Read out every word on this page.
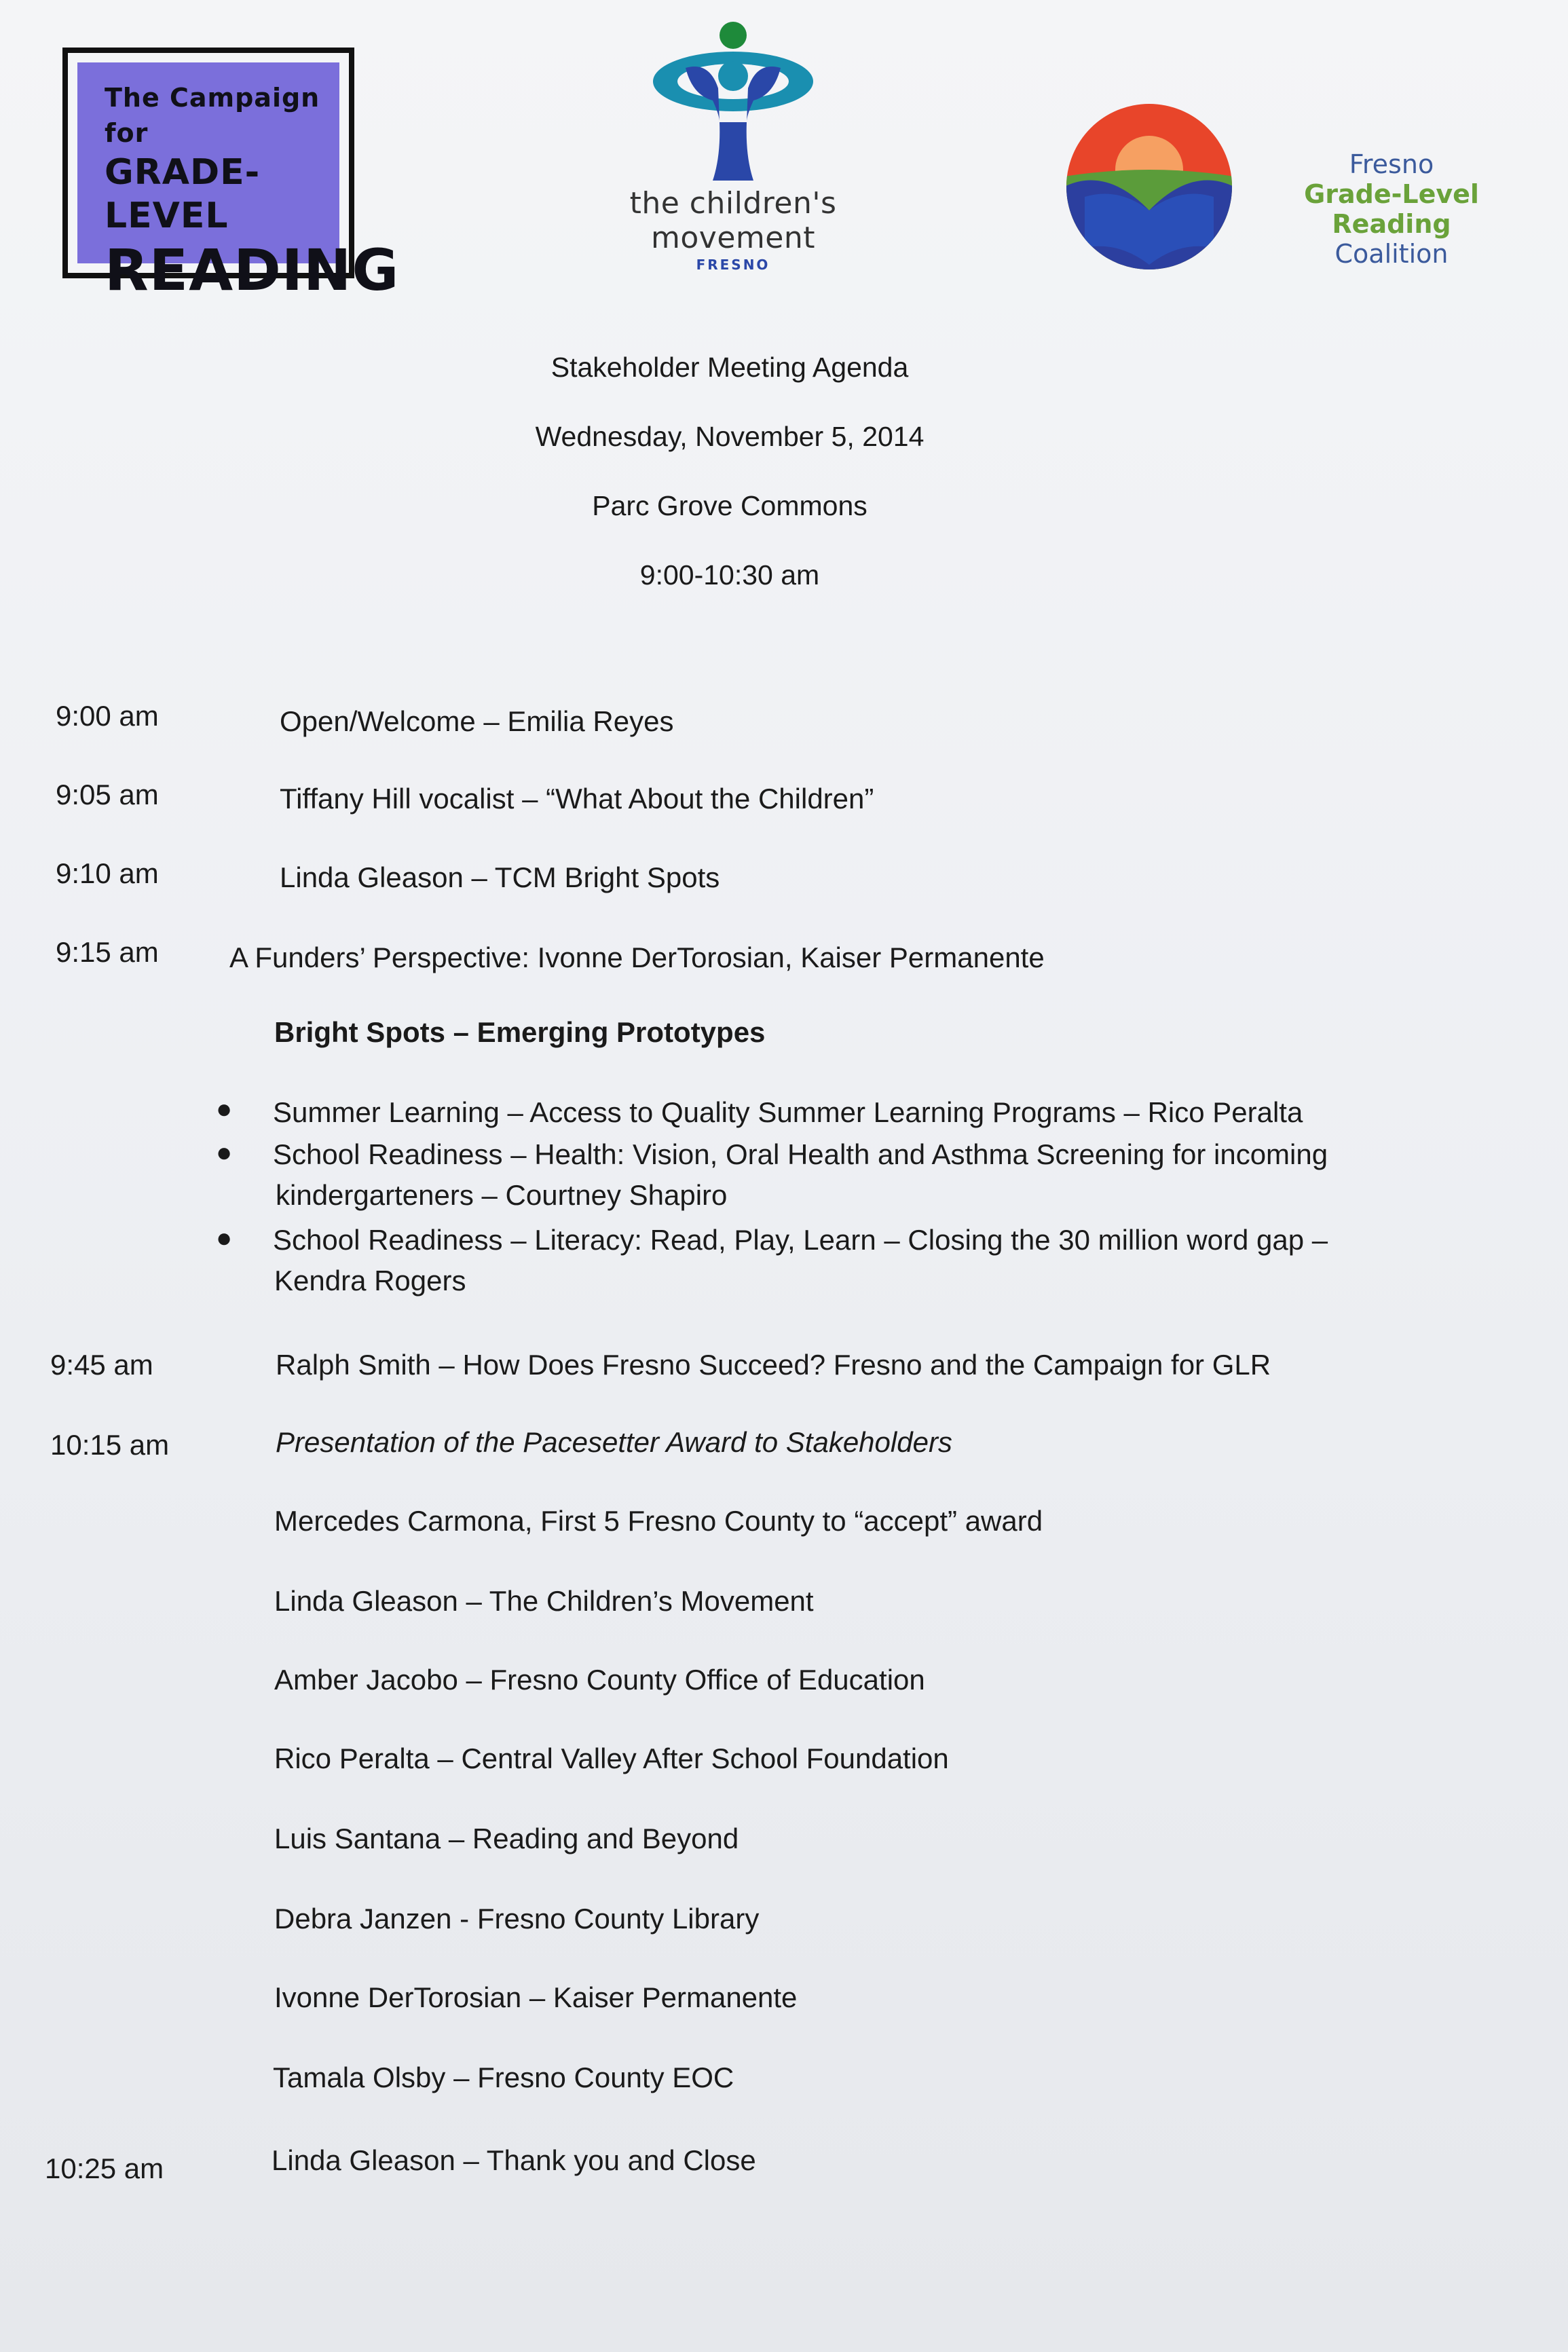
The Campaign for
GRADE-LEVEL
READING
the children's movement
FRESNO
Fresno
Grade-Level Reading
Coalition
Stakeholder Meeting Agenda
Wednesday, November 5, 2014
Parc Grove Commons
9:00-10:30 am
9:00 am	Open/Welcome – Emilia Reyes
9:05 am	Tiffany Hill vocalist – “What About the Children”
9:10 am	Linda Gleason – TCM Bright Spots
9:15 am A Funders’ Perspective: Ivonne DerTorosian, Kaiser Permanente
Bright Spots – Emerging Prototypes
● Summer Learning – Access to Quality Summer Learning Programs – Rico Peralta
● School Readiness – Health: Vision, Oral Health and Asthma Screening for incoming
kindergarteners – Courtney Shapiro
● School Readiness – Literacy: Read, Play, Learn – Closing the 30 million word gap –
Kendra Rogers
9:45 am	Ralph Smith – How Does Fresno Succeed? Fresno and the Campaign for GLR
10:15 am	Presentation of the Pacesetter Award to Stakeholders
Mercedes Carmona, First 5 Fresno County to “accept” award
Linda Gleason – The Children’s Movement
Amber Jacobo – Fresno County Office of Education
Rico Peralta – Central Valley After School Foundation
Luis Santana – Reading and Beyond
Debra Janzen - Fresno County Library
Ivonne DerTorosian – Kaiser Permanente
Tamala Olsby – Fresno County EOC
10:25 am	Linda Gleason – Thank you and Close
